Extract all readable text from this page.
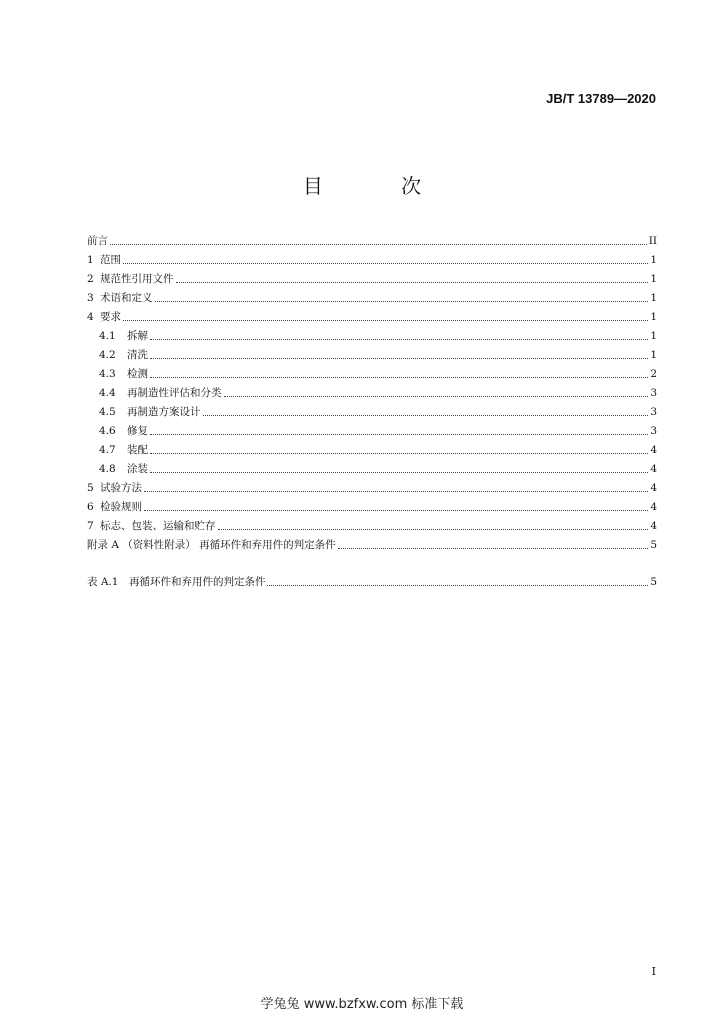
JB/T 13789—2020
目 次
前言	II
1 范围	1
2 规范性引用文件	1
3 术语和定义	1
4 要求	1
4.1	拆解	1
4.2	清洗	1
4.3	检测	2
4.4	再制造性评估和分类	3
4.5	再制造方案设计	3
4.6	修复	3
4.7	装配	4
4.8	涂装	4
5 试验方法	4
6 检验规则	4
7 标志、包装、运输和贮存	4
附录 A （资料性附录） 再循环件和弃用件的判定条件	5
表 A.1　再循环件和弃用件的判定条件	5
I
学兔兔 www.bzfxw.com 标准下载
